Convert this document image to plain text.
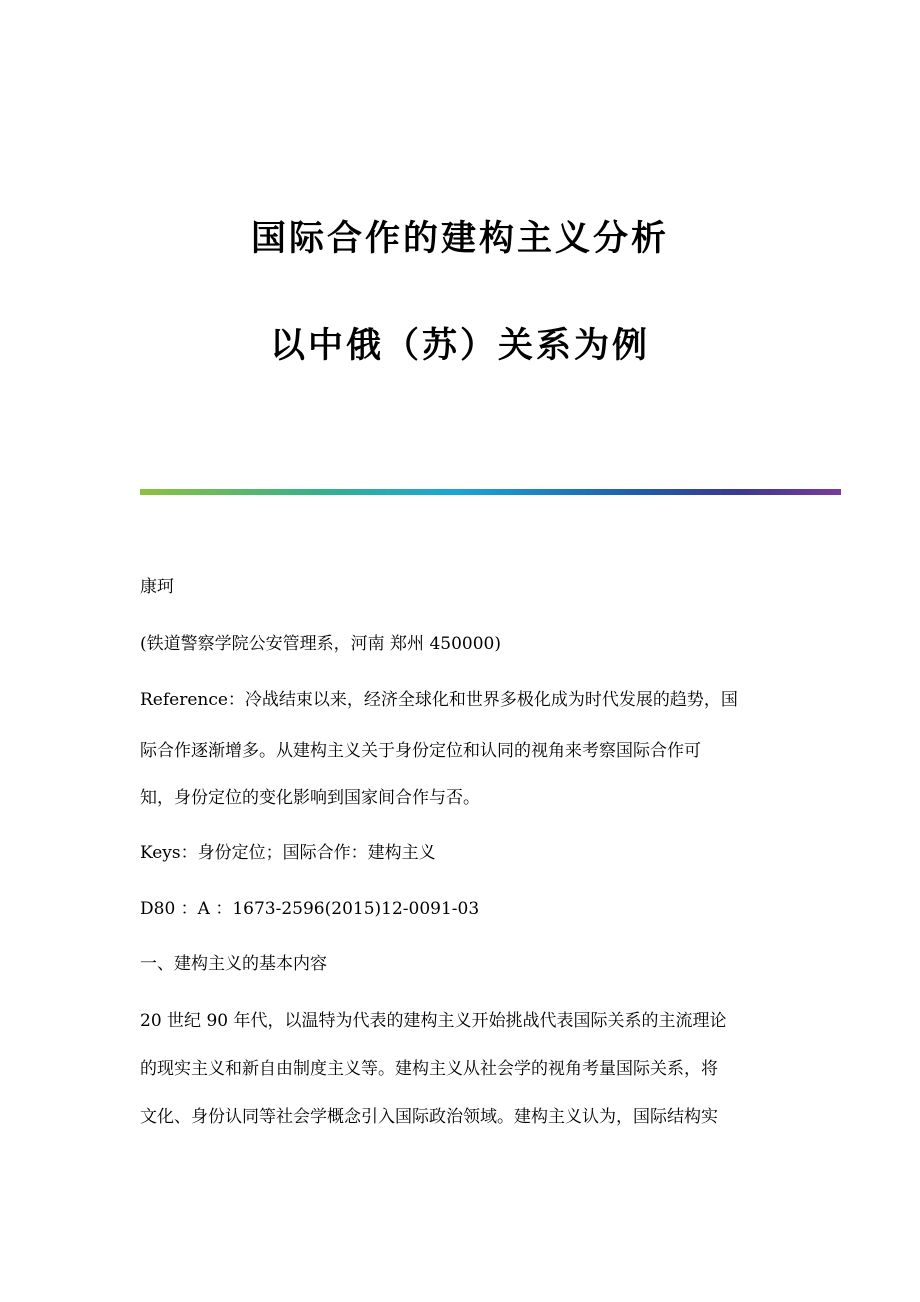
国际合作的建构主义分析
以中俄（苏）关系为例
康珂
(铁道警察学院公安管理系，河南 郑州 450000)
Reference：冷战结束以来，经济全球化和世界多极化成为时代发展的趋势，国
际合作逐渐增多。从建构主义关于身份定位和认同的视角来考察国际合作可
知，身份定位的变化影响到国家间合作与否。
Keys：身份定位；国际合作：建构主义
D80 ：A ：1673-2596(2015)12-0091-03
一、建构主义的基本内容
20 世纪 90 年代，以温特为代表的建构主义开始挑战代表国际关系的主流理论
的现实主义和新自由制度主义等。建构主义从社会学的视角考量国际关系，将
文化、身份认同等社会学概念引入国际政治领域。建构主义认为，国际结构实
